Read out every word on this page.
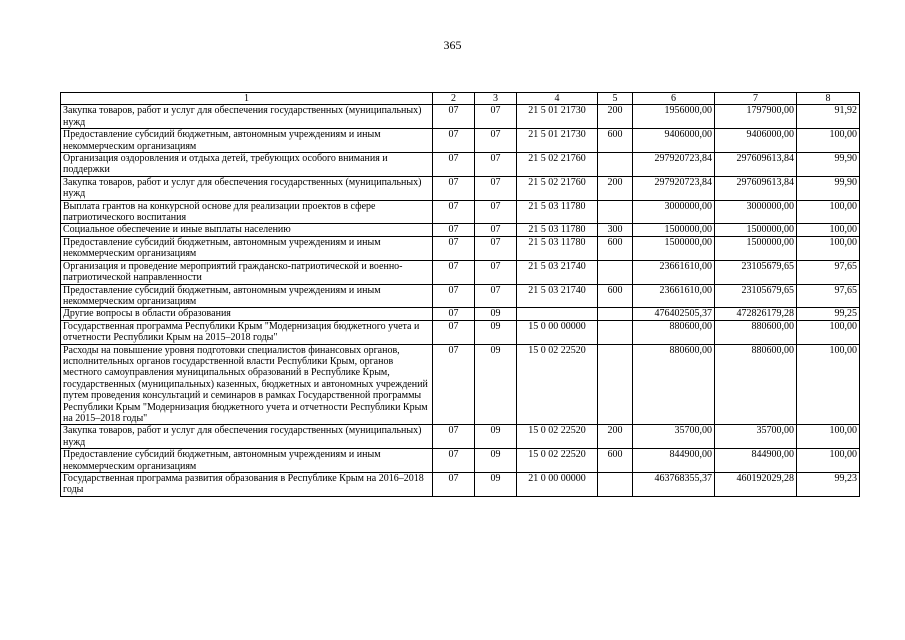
365
1	2	3	4	5	6	7	8
Закупка товаров, работ и услуг для обеспечения государственных (муниципальных) нужд	07	07	21 5 01 21730	200	1956000,00	1797900,00	91,92
Предоставление субсидий бюджетным, автономным учреждениям и иным некоммерческим организациям	07	07	21 5 01 21730	600	9406000,00	9406000,00	100,00
Организация оздоровления и отдыха детей, требующих особого внимания и поддержки	07	07	21 5 02 21760		297920723,84	297609613,84	99,90
Закупка товаров, работ и услуг для обеспечения государственных (муниципальных) нужд	07	07	21 5 02 21760	200	297920723,84	297609613,84	99,90
Выплата грантов на конкурсной основе для реализации проектов в сфере патриотического воспитания	07	07	21 5 03 11780		3000000,00	3000000,00	100,00
Социальное обеспечение и иные выплаты населению	07	07	21 5 03 11780	300	1500000,00	1500000,00	100,00
Предоставление субсидий бюджетным, автономным учреждениям и иным некоммерческим организациям	07	07	21 5 03 11780	600	1500000,00	1500000,00	100,00
Организация и проведение мероприятий гражданско-патриотической и военно-патриотической направленности	07	07	21 5 03 21740		23661610,00	23105679,65	97,65
Предоставление субсидий бюджетным, автономным учреждениям и иным некоммерческим организациям	07	07	21 5 03 21740	600	23661610,00	23105679,65	97,65
Другие вопросы в области образования	07	09			476402505,37	472826179,28	99,25
Государственная программа Республики Крым "Модернизация бюджетного учета и отчетности Республики Крым на 2015–2018 годы"	07	09	15 0 00 00000		880600,00	880600,00	100,00
Расходы на повышение уровня подготовки специалистов финансовых органов, исполнительных органов государственной власти Республики Крым, органов местного самоуправления муниципальных образований в Республике Крым, государственных (муниципальных) казенных, бюджетных и автономных учреждений путем проведения консультаций и семинаров в рамках Государственной программы Республики Крым "Модернизация бюджетного учета и отчетности Республики Крым на 2015–2018 годы"	07	09	15 0 02 22520		880600,00	880600,00	100,00
Закупка товаров, работ и услуг для обеспечения государственных (муниципальных) нужд	07	09	15 0 02 22520	200	35700,00	35700,00	100,00
Предоставление субсидий бюджетным, автономным учреждениям и иным некоммерческим организациям	07	09	15 0 02 22520	600	844900,00	844900,00	100,00
Государственная программа развития образования в Республике Крым на 2016–2018 годы	07	09	21 0 00 00000		463768355,37	460192029,28	99,23
